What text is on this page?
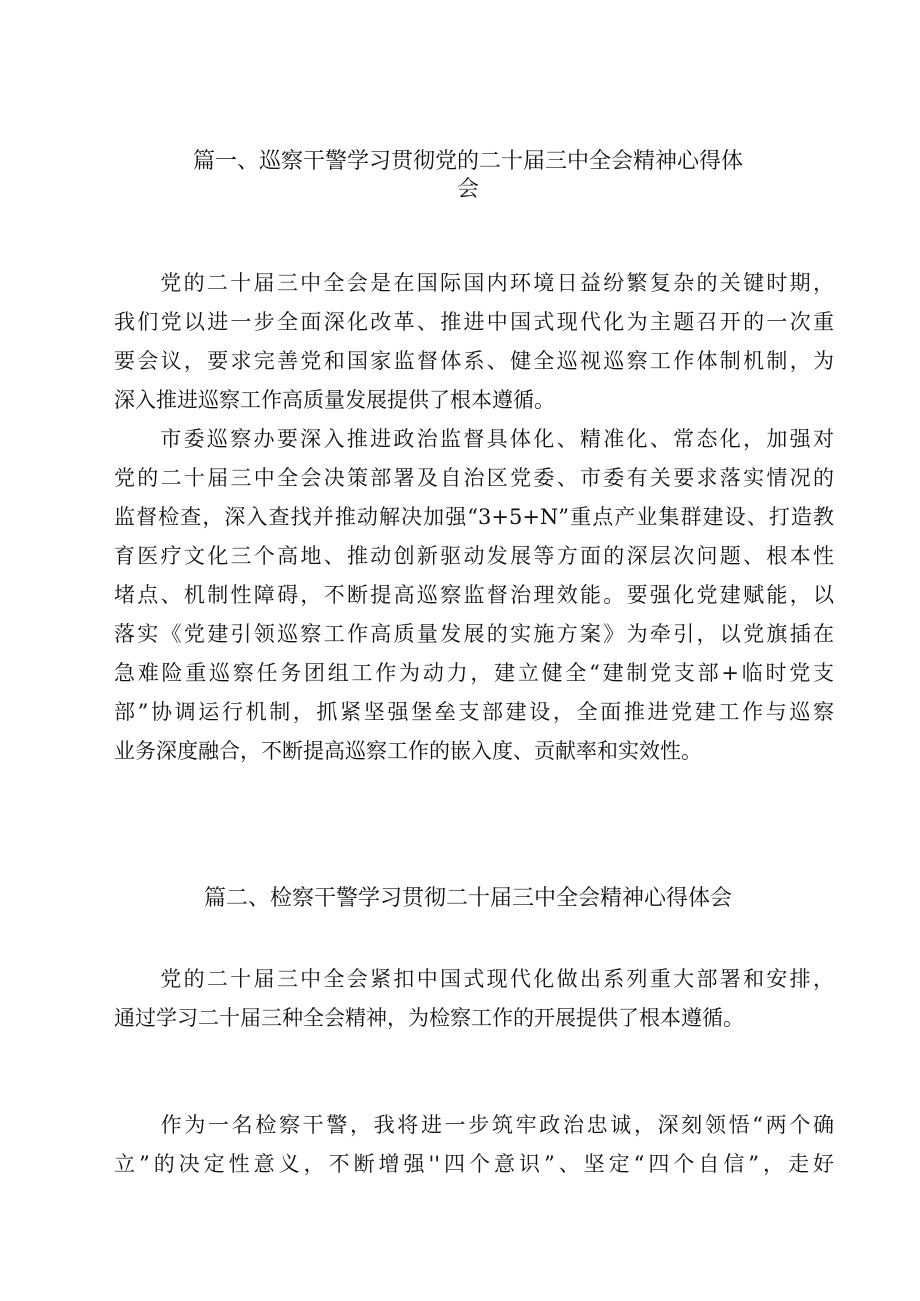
篇一、巡察干警学习贯彻党的二十届三中全会精神心得体
会

党的二十届三中全会是在国际国内环境日益纷繁复杂的关键时期，

我们党以进一步全面深化改革、推进中国式现代化为主题召开的一次重

要会议，要求完善党和国家监督体系、健全巡视巡察工作体制机制，为

深入推进巡察工作高质量发展提供了根本遵循。

市委巡察办要深入推进政治监督具体化、精准化、常态化，加强对

党的二十届三中全会决策部署及自治区党委、市委有关要求落实情况的

监督检查，深入查找并推动解决加强“3+5+N”重点产业集群建设、打造教

育医疗文化三个高地、推动创新驱动发展等方面的深层次问题、根本性

堵点、机制性障碍，不断提高巡察监督治理效能。要强化党建赋能，以

落实《党建引领巡察工作高质量发展的实施方案》为牵引，以党旗插在

急难险重巡察任务团组工作为动力，建立健全“建制党支部+临时党支

部”协调运行机制，抓紧坚强堡垒支部建设，全面推进党建工作与巡察

业务深度融合，不断提高巡察工作的嵌入度、贡献率和实效性。

篇二、检察干警学习贯彻二十届三中全会精神心得体会

党的二十届三中全会紧扣中国式现代化做出系列重大部署和安排，

通过学习二十届三种全会精神，为检察工作的开展提供了根本遵循。

作为一名检察干警，我将进一步筑牢政治忠诚，深刻领悟“两个确

立”的决定性意义，不断增强''四个意识”、坚定“四个自信”，走好
